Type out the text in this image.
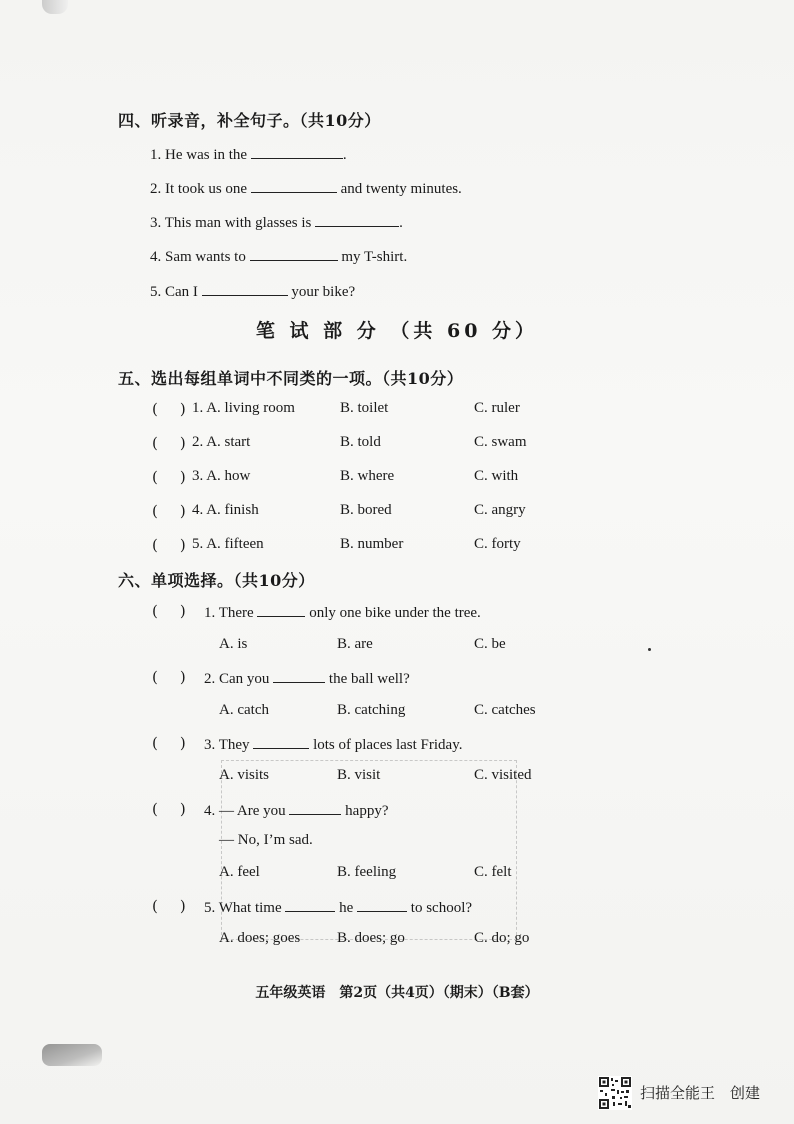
四、听录音，补全句子。（共10分）
1. He was in the	.
2. It took us one	and twenty minutes.
3. This man with glasses is	.
4. Sam wants to	my T-shirt.
5. Can I	your bike?
笔 试 部 分 （共 60 分）
五、选出每组单词中不同类的一项。（共10分）
( ) 1. A. living room	B. toilet	C. ruler
( ) 2. A. start	B. told	C. swam
( ) 3. A. how	B. where	C. with
( ) 4. A. finish	B. bored	C. angry
( ) 5. A. fifteen	B. number	C. forty
六、单项选择。（共10分）
( ) 1. There	only one bike under the tree.
A. is	B. are	C. be
( ) 2. Can you	the ball well?
A. catch	B. catching	C. catches
( ) 3. They	lots of places last Friday.
A. visits	B. visit	C. visited
( ) 4. — Are you	happy?
— No, I’m sad.
A. feel	B. feeling	C. felt
( ) 5. What time	he	to school?
A. does; goes B. does; go	C. do; go
五年级英语　第2页（共4页）（期末）（B套）
扫描全能王　创建
